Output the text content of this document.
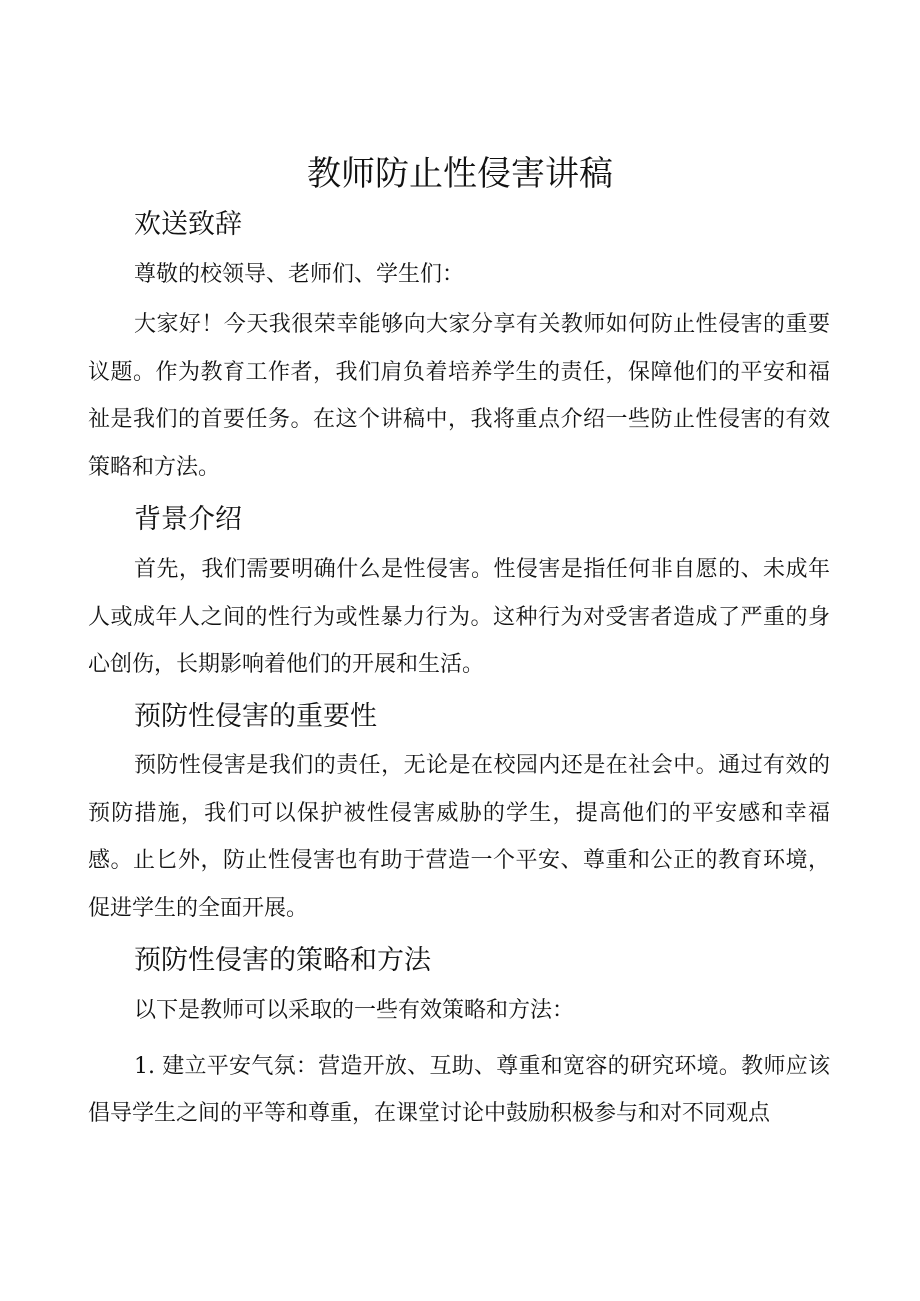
教师防止性侵害讲稿
欢送致辞

尊敬的校领导、老师们、学生们：

大家好！今天我很荣幸能够向大家分享有关教师如何防止性侵害的重要议题。作为教育工作者，我们肩负着培养学生的责任，保障他们的平安和福祉是我们的首要任务。在这个讲稿中，我将重点介绍一些防止性侵害的有效策略和方法。

背景介绍

首先，我们需要明确什么是性侵害。性侵害是指任何非自愿的、未成年人或成年人之间的性行为或性暴力行为。这种行为对受害者造成了严重的身心创伤，长期影响着他们的开展和生活。

预防性侵害的重要性

预防性侵害是我们的责任，无论是在校园内还是在社会中。通过有效的预防措施，我们可以保护被性侵害威胁的学生，提高他们的平安感和幸福感。止匕外，防止性侵害也有助于营造一个平安、尊重和公正的教育环境，促进学生的全面开展。

预防性侵害的策略和方法

以下是教师可以采取的一些有效策略和方法：

1. 建立平安气氛：营造开放、互助、尊重和宽容的研究环境。教师应该倡导学生之间的平等和尊重，在课堂讨论中鼓励积极参与和对不同观点
